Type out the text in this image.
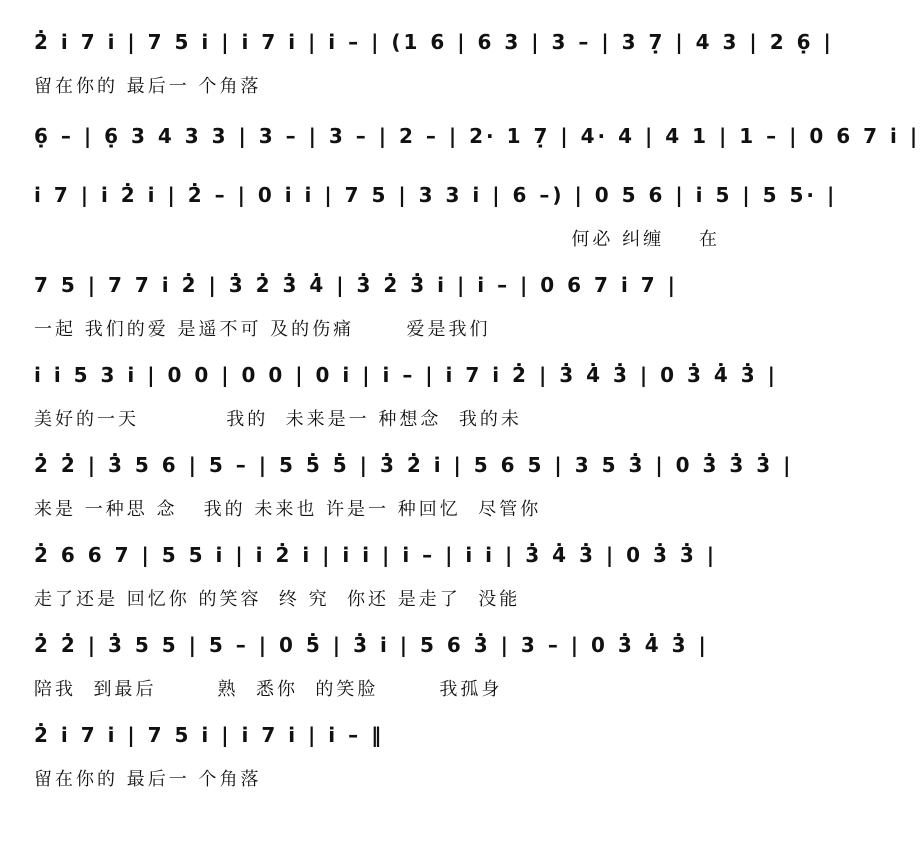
2̇ i̇ 7 i̇ | 7 5 i̇ | i̇ 7 i̇ | i̇ – | (1 6 | 6 3 | 3 – | 3 7̣ | 4 3 | 2 6̣ |
留在你的 最后一 个角落
6̣ – | 6̣ 3 4 3 3 | 3 – | 3 – | 2 – | 2· 1 7̣ | 4· 4 | 4 1 | 1 – | 0 6 7 i̇ |
i̇ 7 | i̇ 2̇ i̇ | 2̇ – | 0 i̇ i̇ | 7 5 | 3 3 i̇ | 6 –) | 0 5 6 | i̇ 5 | 5 5· |
何必 纠缠    在
7 5 | 7 7 i̇ 2̇ | 3̇ 2̇ 3̇ 4̇ | 3̇ 2̇ 3̇ i̇ | i̇ – | 0 6 7 i̇ 7 |
一起 我们的爱 是遥不可 及的伤痛      爱是我们
i̇ i̇ 5 3 i̇ | 0 0 | 0 0 | 0 i̇ | i̇ – | i̇ 7 i̇ 2̇ | 3̇ 4̇ 3̇ | 0 3̇ 4̇ 3̇ |
美好的一天          我的  未来是一 种想念  我的未
2̇ 2̇ | 3̇ 5 6 | 5 – | 5 5̇ 5̇ | 3̇ 2̇ i̇ | 5 6 5 | 3 5 3̇ | 0 3̇ 3̇ 3̇ |
来是 一种思 念   我的 未来也 许是一 种回忆  尽管你
2̇ 6 6 7 | 5 5 i̇ | i̇ 2̇ i̇ | i̇ i̇ | i̇ – | i̇ i̇ | 3̇ 4̇ 3̇ | 0 3̇ 3̇ |
走了还是 回忆你 的笑容  终 究  你还 是走了  没能
2̇ 2̇ | 3̇ 5 5 | 5 – | 0 5̇ | 3̇ i̇ | 5 6 3̇ | 3 – | 0 3̇ 4̇ 3̇ |
陪我  到最后       熟  悉你  的笑脸       我孤身
2̇ i̇ 7 i̇ | 7 5 i̇ | i̇ 7 i̇ | i̇ – ‖
留在你的 最后一 个角落
